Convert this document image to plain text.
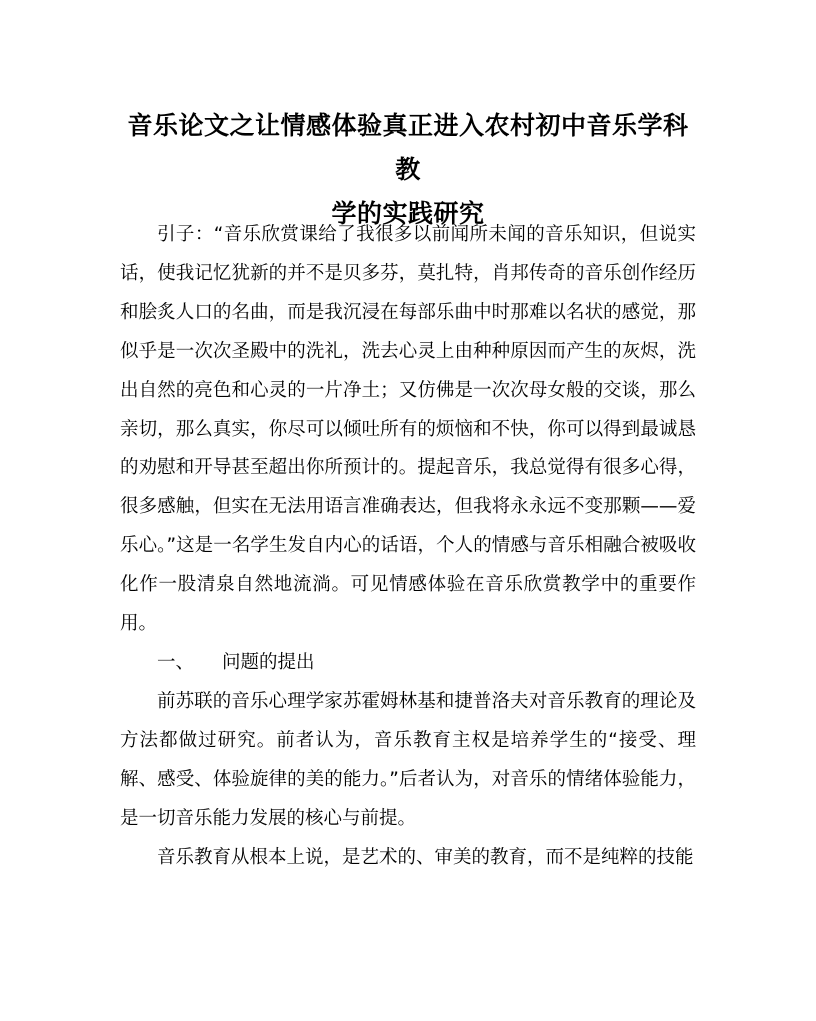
音乐论文之让情感体验真正进入农村初中音乐学科教
学的实践研究

引子：“音乐欣赏课给了我很多以前闻所未闻的音乐知识，但说实话，使我记忆犹新的并不是贝多芬，莫扎特，肖邦传奇的音乐创作经历和脍炙人口的名曲，而是我沉浸在每部乐曲中时那难以名状的感觉，那似乎是一次次圣殿中的洗礼，洗去心灵上由种种原因而产生的灰烬，洗出自然的亮色和心灵的一片净土；又仿佛是一次次母女般的交谈，那么亲切，那么真实，你尽可以倾吐所有的烦恼和不快，你可以得到最诚恳的劝慰和开导甚至超出你所预计的。提起音乐，我总觉得有很多心得，很多感触，但实在无法用语言准确表达，但我将永永远不变那颗——爱乐心。”这是一名学生发自内心的话语，个人的情感与音乐相融合被吸收化作一股清泉自然地流淌。可见情感体验在音乐欣赏教学中的重要作用。

一、 问题的提出

前苏联的音乐心理学家苏霍姆林基和捷普洛夫对音乐教育的理论及方法都做过研究。前者认为，音乐教育主权是培养学生的“接受、理解、感受、体验旋律的美的能力。”后者认为，对音乐的情绪体验能力，是一切音乐能力发展的核心与前提。

音乐教育从根本上说，是艺术的、审美的教育，而不是纯粹的技能
